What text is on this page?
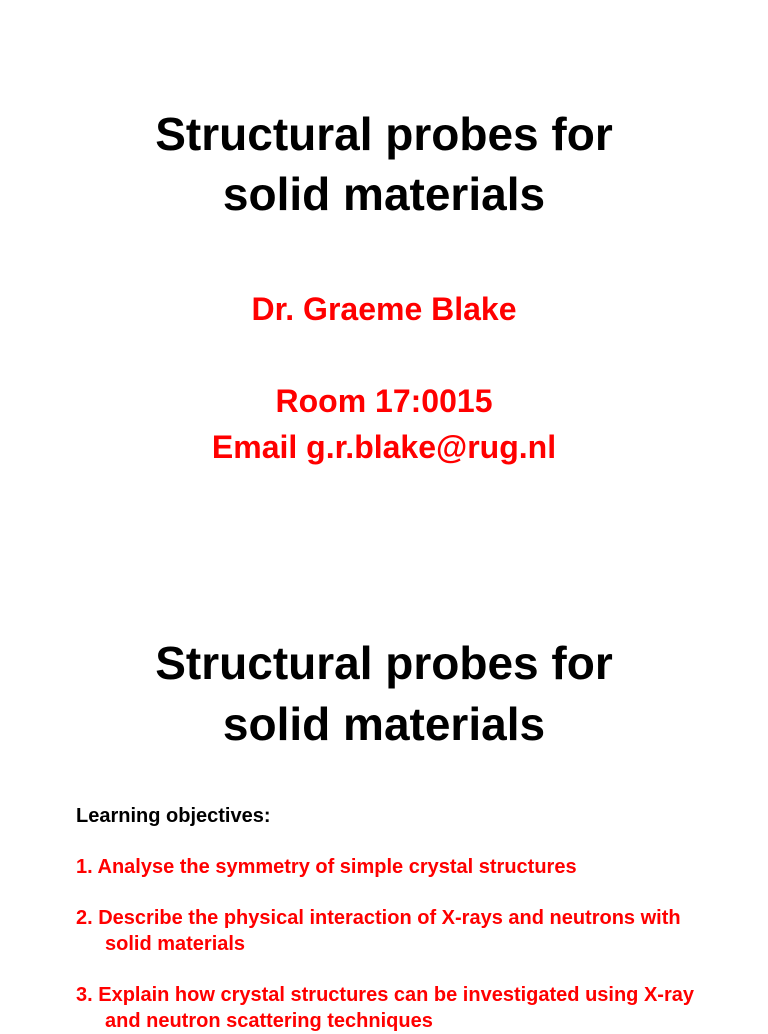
Structural probes for

solid materials

Dr. Graeme Blake

Room 17:0015

Email g.r.blake@rug.nl

Structural probes for

solid materials

Learning objectives:

1. Analyse the symmetry of simple crystal structures

2. Describe the physical interaction of X-rays and neutrons with
solid materials

3. Explain how crystal structures can be investigated using X-ray
and neutron scattering techniques
